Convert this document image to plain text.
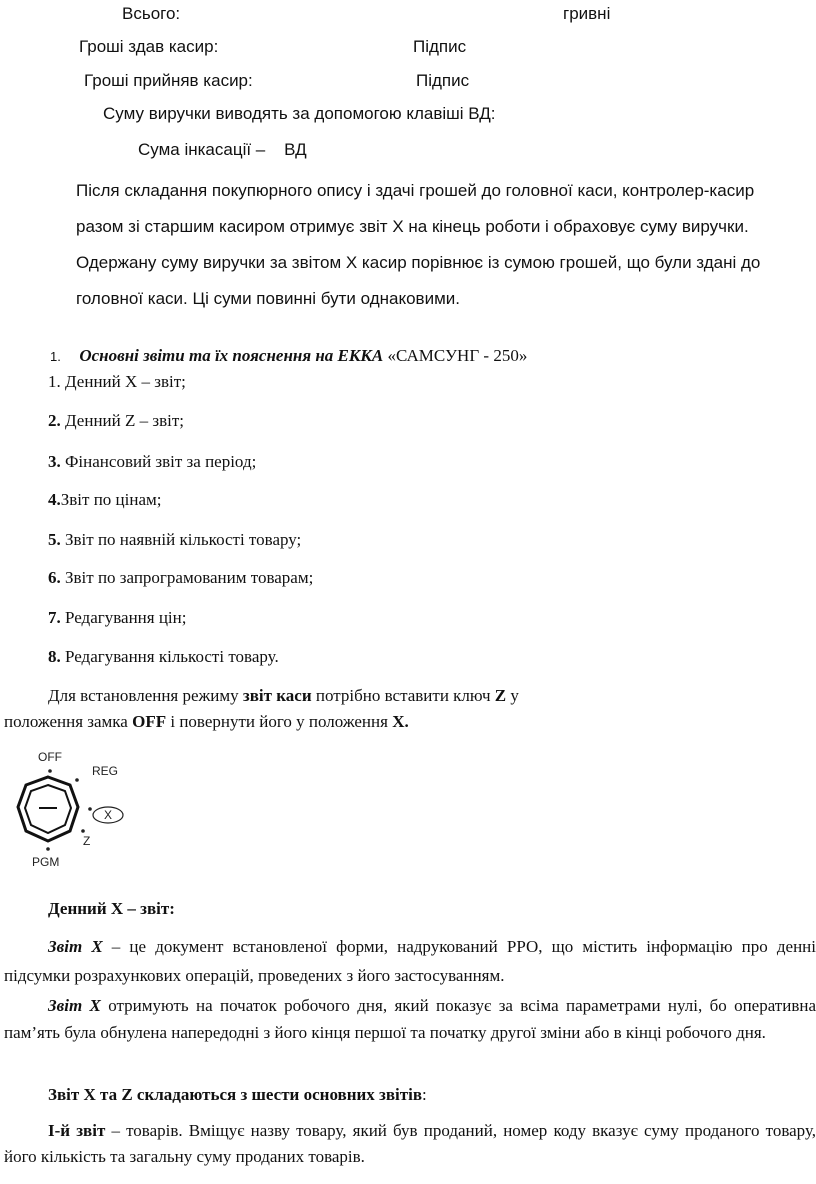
Всього:	гривні
Гроші здав касир:	Підпис
Гроші прийняв касир:	Підпис
Суму виручки виводять за допомогою клавіші ВД:
Сума інкасації –    ВД
Після складання покупюрного опису і здачі грошей до головної каси, контролер-касир
разом зі старшим касиром отримує звіт Х на кінець роботи і обраховує суму виручки.
Одержану суму виручки за звітом Х касир порівнює із сумою грошей, що були здані до
головної каси. Ці суми повинні бути однаковими.
1. Основні звіти та їх пояснення на ЕККА «САМСУНГ - 250»
1. Денний Х – звіт;
2. Денний Z – звіт;
3. Фінансовий звіт за період;
4.Звіт по цінам;
5. Звіт по наявній кількості товару;
6. Звіт по запрограмованим товарам;
7. Редагування цін;
8. Редагування кількості товару.
Для встановлення режиму звіт каси потрібно вставити ключ Z у
положення замка OFF і повернути його у положення X.
OFF
REG
X
Z
PGM
Денний Х – звіт:
Звіт Х – це документ встановленої форми, надрукований РРО, що містить інформацію про денні підсумки розрахункових операцій, проведених з його застосуванням.
Звіт Х отримують на початок робочого дня, який показує за всіма параметрами нулі, бо оперативна пам’ять була обнулена напередодні з його кінця першої та початку другої зміни або в кінці робочого дня.
Звіт Х та Z складаються з шести основних звітів:
І-й звіт – товарів. Вміщує назву товару, який був проданий, номер коду вказує суму проданого товару, його кількість та загальну суму проданих товарів.
